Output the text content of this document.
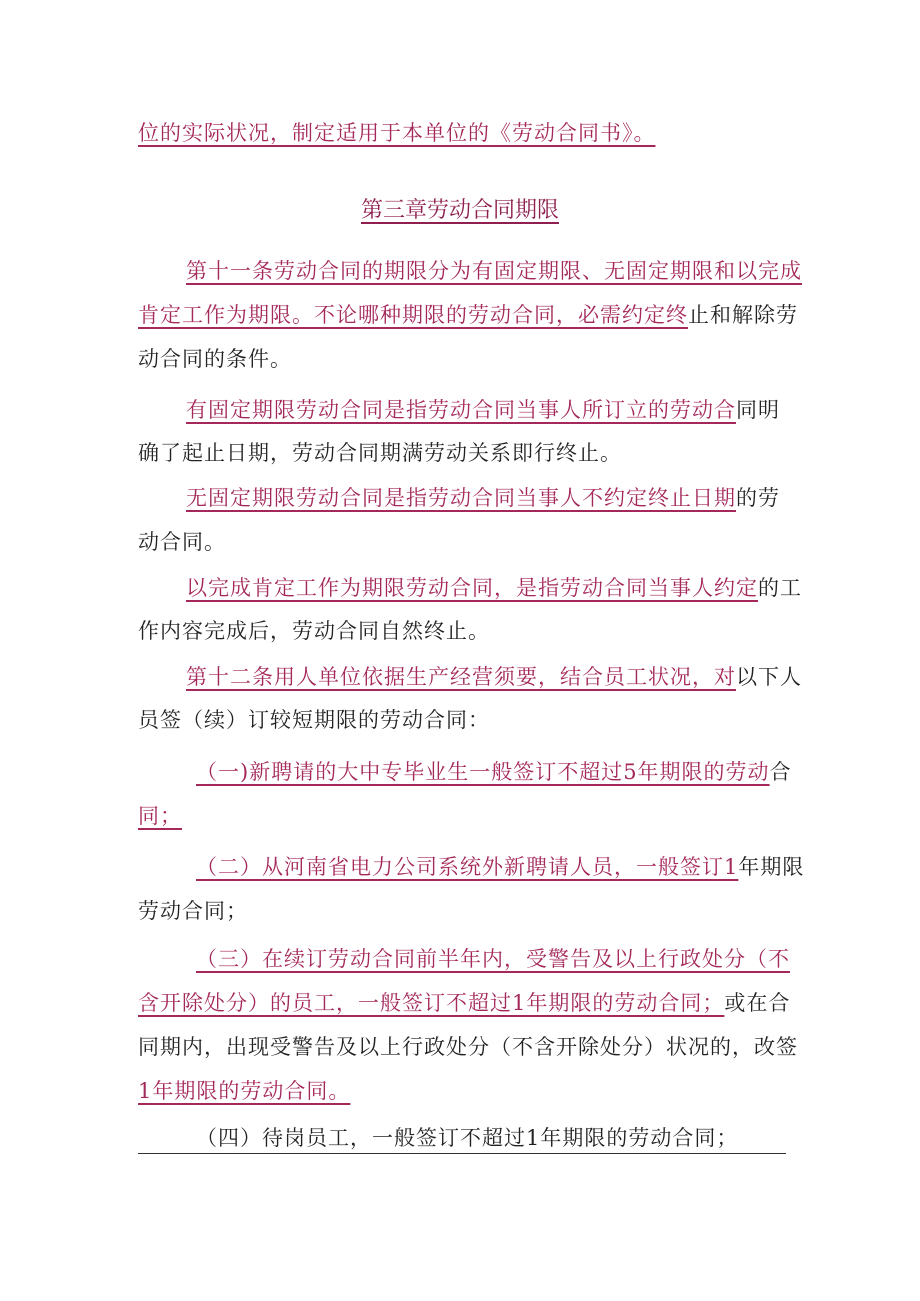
位的实际状况，制定适用于本单位的《劳动合同书》。
第三章劳动合同期限
第十一条劳动合同的期限分为有固定期限、无固定期限和以完成
肯定工作为期限。不论哪种期限的劳动合同，必需约定终止和解除劳
动合同的条件。
有固定期限劳动合同是指劳动合同当事人所订立的劳动合同明
确了起止日期，劳动合同期满劳动关系即行终止。
无固定期限劳动合同是指劳动合同当事人不约定终止日期的劳
动合同。
以完成肯定工作为期限劳动合同，是指劳动合同当事人约定的工
作内容完成后，劳动合同自然终止。
第十二条用人单位依据生产经营须要，结合员工状况，对以下人
员签（续）订较短期限的劳动合同：
（一)新聘请的大中专毕业生一般签订不超过5年期限的劳动合
同；
（二）从河南省电力公司系统外新聘请人员，一般签订1年期限
劳动合同；
（三）在续订劳动合同前半年内，受警告及以上行政处分（不
含开除处分）的员工，一般签订不超过1年期限的劳动合同；或在合
同期内，出现受警告及以上行政处分（不含开除处分）状况的，改签
1年期限的劳动合同。
（四）待岗员工，一般签订不超过1年期限的劳动合同；
